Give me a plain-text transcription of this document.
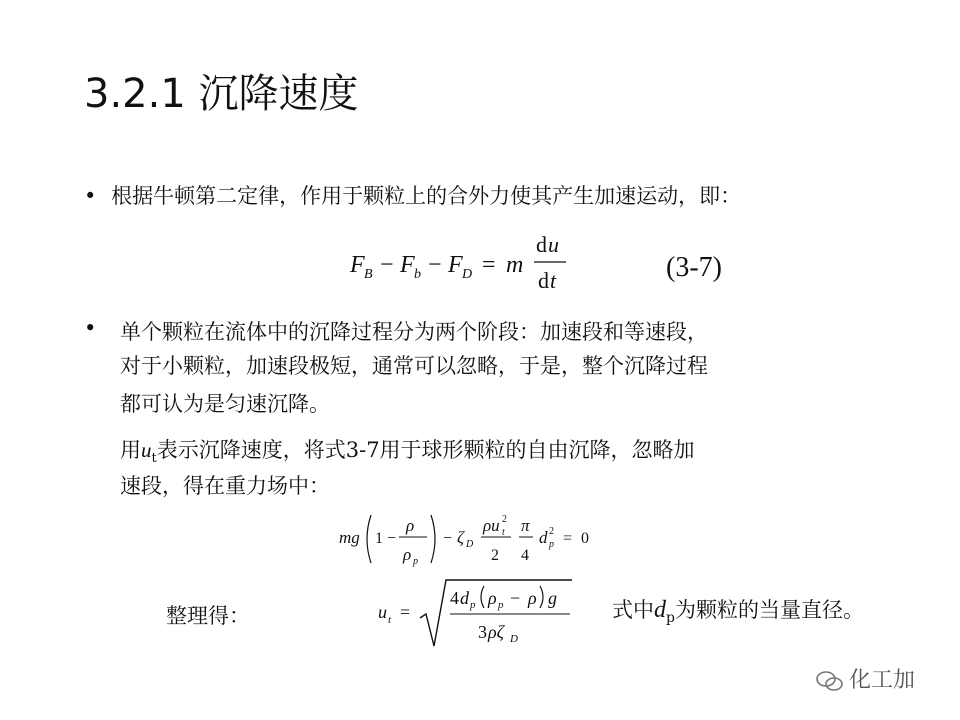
3.2.1 沉降速度
• 根据牛顿第二定律，作用于颗粒上的合外力使其产生加速运动，即：
F B − F b − F D = m
d u
d t	(3-7)
• 单个颗粒在流体中的沉降过程分为两个阶段：加速段和等速段，
对于小颗粒，加速段极短，通常可以忽略，于是，整个沉降过程
都可认为是匀速沉降。
用$u_t$表示沉降速度，将式3-7用于球形颗粒的自由沉降，忽略加
速段，得在重力场中：
mg 1 −
ρ
ρ p
− ζ D
ρu t
2
2
π
4
d p
2 = 0
整理得：	u t =
4 d p ρ p − ρ g
3 ρζ D
式中$d_p$为颗粒的当量直径。
化工加
